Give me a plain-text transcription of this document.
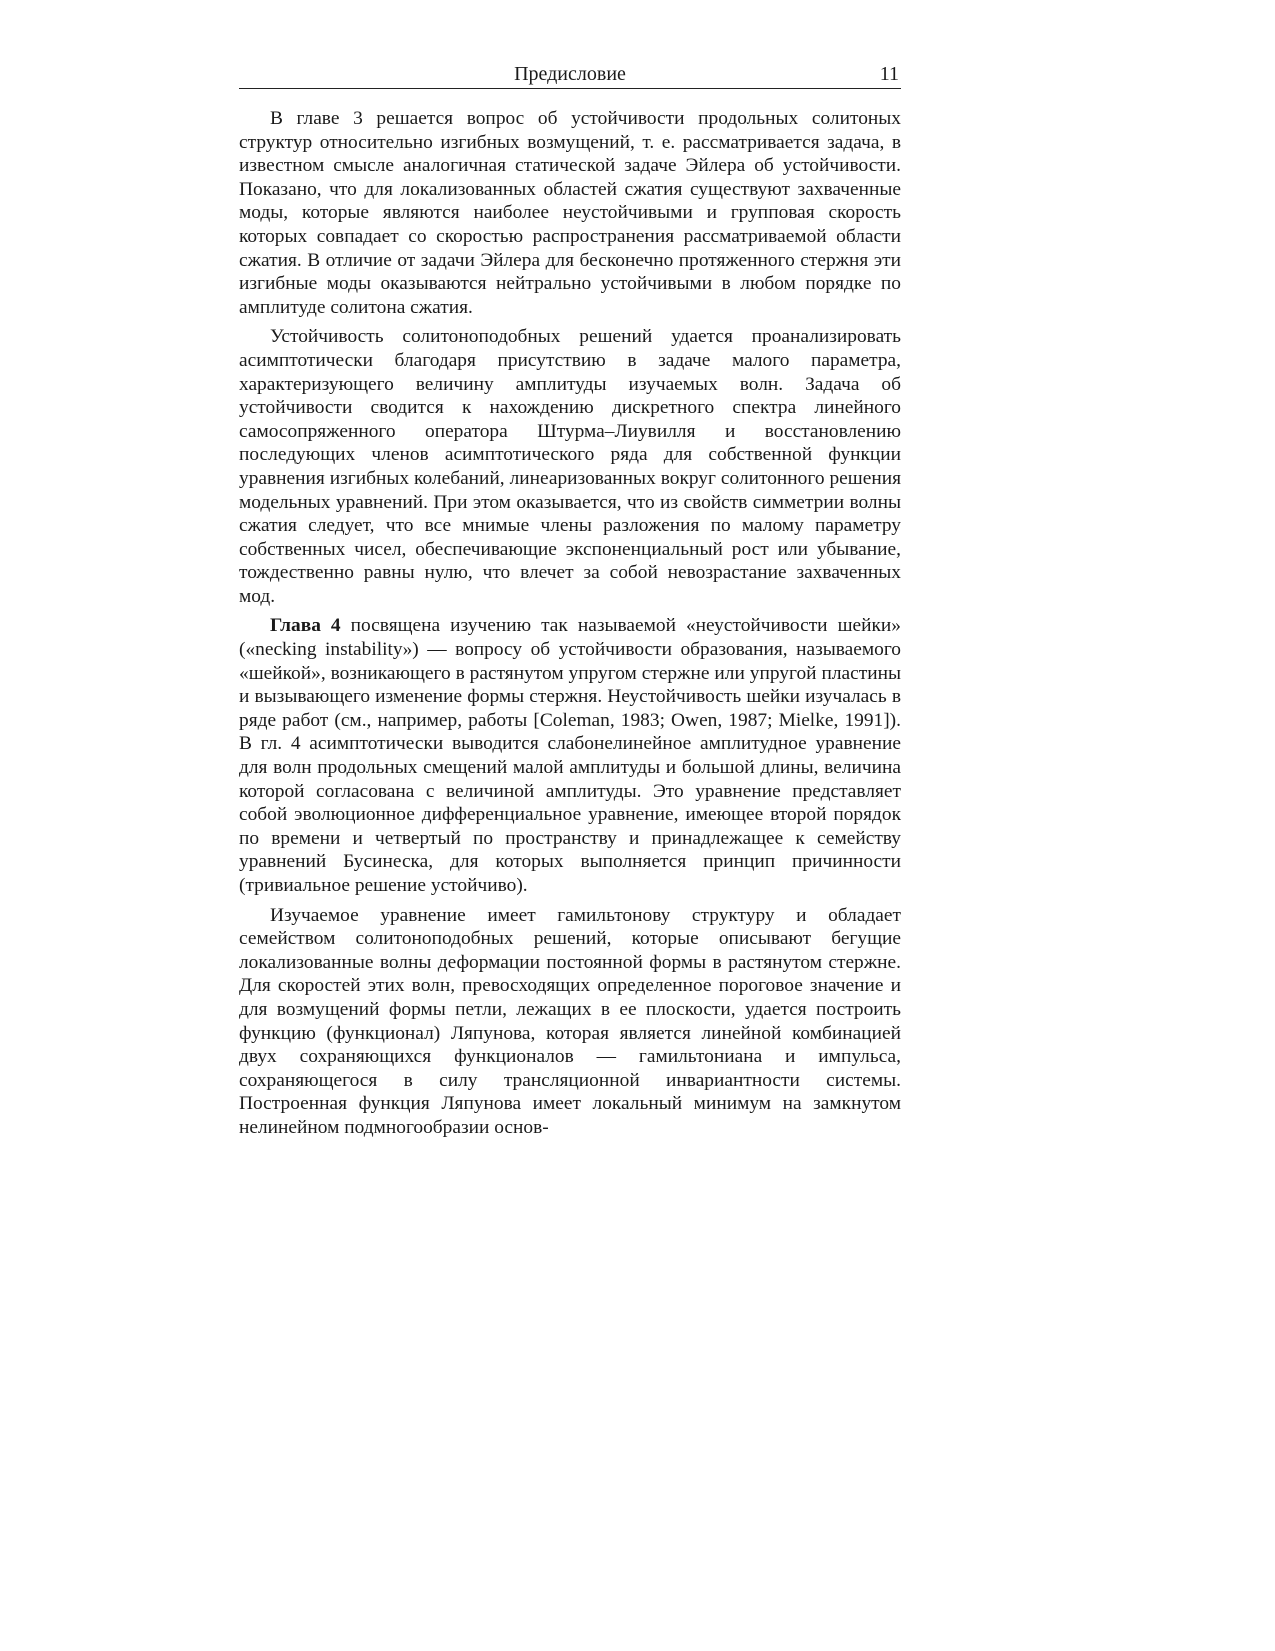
Предисловие	11

В главе 3 решается вопрос об устойчивости продольных солитоных структур относительно изгибных возмущений, т. е. рассматривается задача, в известном смысле аналогичная статической задаче Эйлера об устойчивости. Показано, что для локализованных областей сжатия существуют захваченные моды, которые являются наиболее неустойчивыми и групповая скорость которых совпадает со скоростью распространения рассматриваемой области сжатия. В отличие от задачи Эйлера для бесконечно протяженного стержня эти изгибные моды оказываются нейтрально устойчивыми в любом порядке по амплитуде солитона сжатия.

Устойчивость солитоноподобных решений удается проанализировать асимптотически благодаря присутствию в задаче малого параметра, характеризующего величину амплитуды изучаемых волн. Задача об устойчивости сводится к нахождению дискретного спектра линейного самосопряженного оператора Штурма–Лиувилля и восстановлению последующих членов асимптотического ряда для собственной функции уравнения изгибных колебаний, линеаризованных вокруг солитонного решения модельных уравнений. При этом оказывается, что из свойств симметрии волны сжатия следует, что все мнимые члены разложения по малому параметру собственных чисел, обеспечивающие экспоненциальный рост или убывание, тождественно равны нулю, что влечет за собой невозрастание захваченных мод.

Глава 4 посвящена изучению так называемой «неустойчивости шейки» («necking instability») — вопросу об устойчивости образования, называемого «шейкой», возникающего в растянутом упругом стержне или упругой пластины и вызывающего изменение формы стержня. Неустойчивость шейки изучалась в ряде работ (см., например, работы [Coleman, 1983; Owen, 1987; Mielke, 1991]). В гл. 4 асимптотически выводится слабонелинейное амплитудное уравнение для волн продольных смещений малой амплитуды и большой длины, величина которой согласована с величиной амплитуды. Это уравнение представляет собой эволюционное дифференциальное уравнение, имеющее второй порядок по времени и четвертый по пространству и принадлежащее к семейству уравнений Бусинеска, для которых выполняется принцип причинности (тривиальное решение устойчиво).

Изучаемое уравнение имеет гамильтонову структуру и обладает семейством солитоноподобных решений, которые описывают бегущие локализованные волны деформации постоянной формы в растянутом стержне. Для скоростей этих волн, превосходящих определенное пороговое значение и для возмущений формы петли, лежащих в ее плоскости, удается построить функцию (функционал) Ляпунова, которая является линейной комбинацией двух сохраняющихся функционалов — гамильтониана и импульса, сохраняющегося в силу трансляционной инвариантности системы. Построенная функция Ляпунова имеет локальный минимум на замкнутом нелинейном подмногообразии основ-
